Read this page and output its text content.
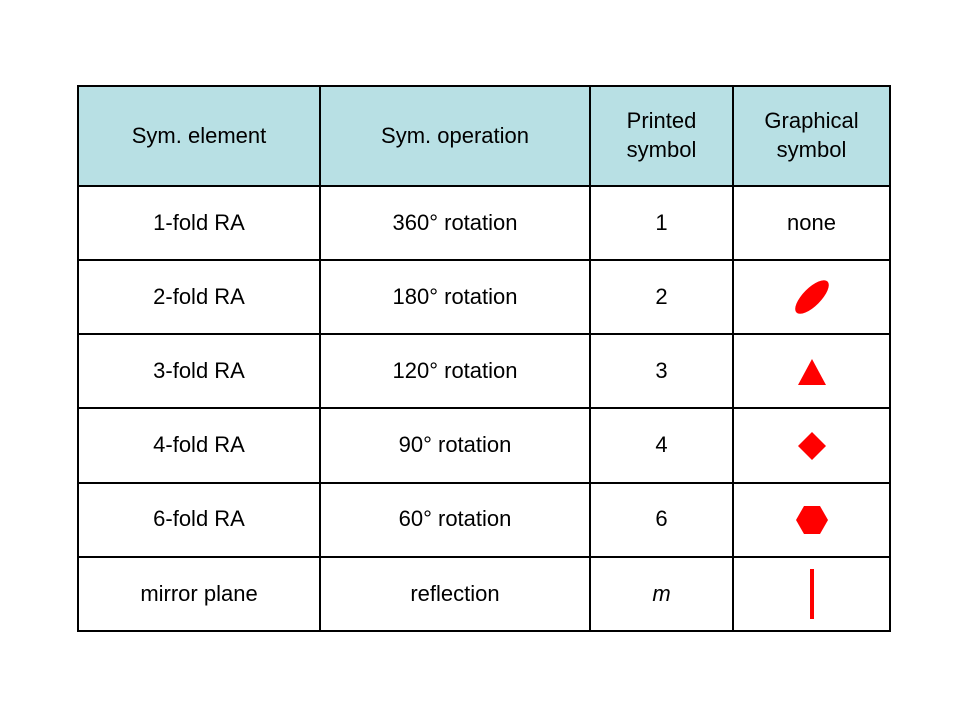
Sym. element	Sym. operation	Printed symbol	Graphical symbol
1-fold RA	360° rotation	1	none
2-fold RA	180° rotation	2	

3-fold RA	120° rotation	3	

4-fold RA	90° rotation	4	

6-fold RA	60° rotation	6	

mirror plane	reflection	m	
